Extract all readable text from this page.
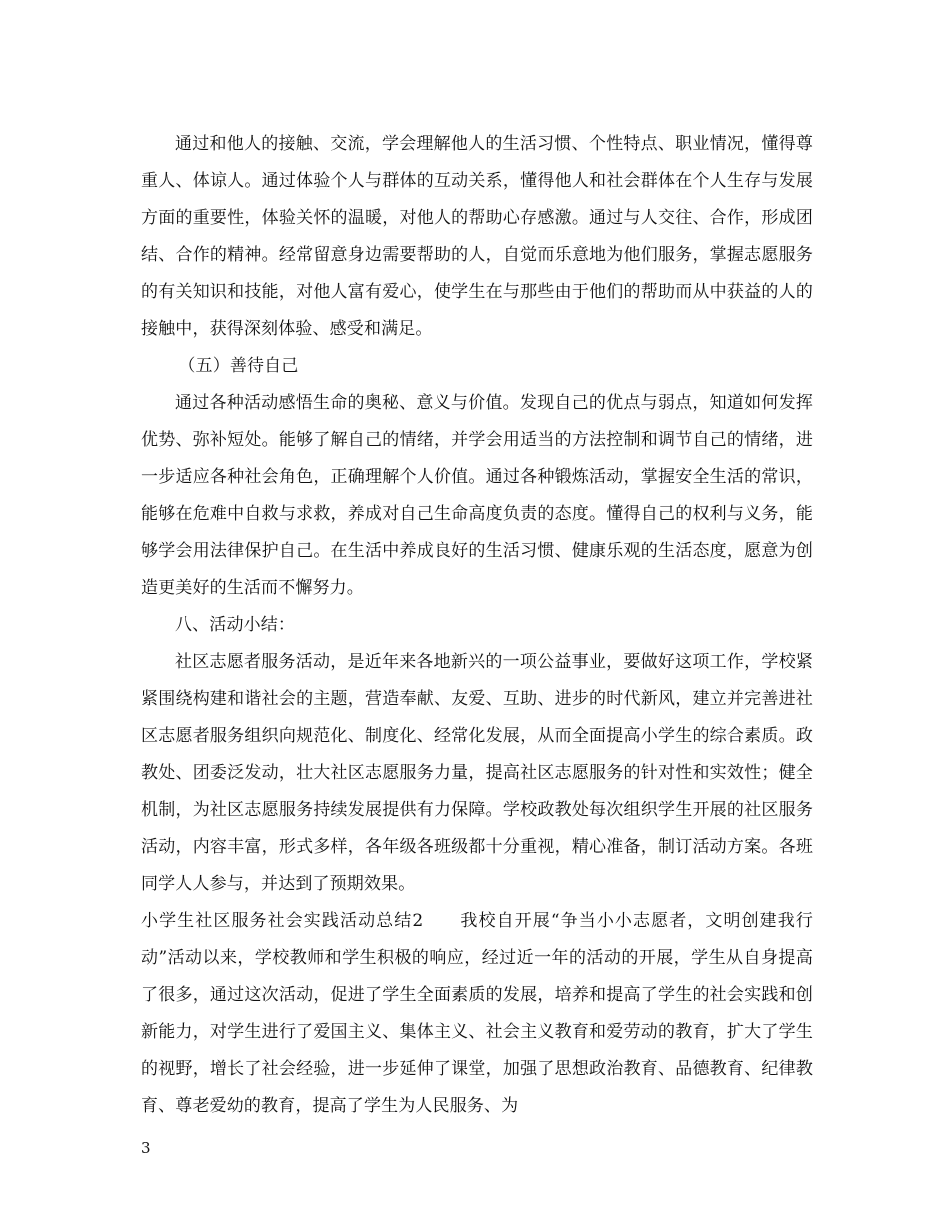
通过和他人的接触、交流，学会理解他人的生活习惯、个性特点、职业情况，懂得尊重人、体谅人。通过体验个人与群体的互动关系，懂得他人和社会群体在个人生存与发展方面的重要性，体验关怀的温暖，对他人的帮助心存感激。通过与人交往、合作，形成团结、合作的精神。经常留意身边需要帮助的人，自觉而乐意地为他们服务，掌握志愿服务的有关知识和技能，对他人富有爱心，使学生在与那些由于他们的帮助而从中获益的人的接触中，获得深刻体验、感受和满足。

（五）善待自己

通过各种活动感悟生命的奥秘、意义与价值。发现自己的优点与弱点，知道如何发挥优势、弥补短处。能够了解自己的情绪，并学会用适当的方法控制和调节自己的情绪，进一步适应各种社会角色，正确理解个人价值。通过各种锻炼活动，掌握安全生活的常识，能够在危难中自救与求救，养成对自己生命高度负责的态度。懂得自己的权利与义务，能够学会用法律保护自己。在生活中养成良好的生活习惯、健康乐观的生活态度，愿意为创造更美好的生活而不懈努力。

八、活动小结：

社区志愿者服务活动，是近年来各地新兴的一项公益事业，要做好这项工作，学校紧紧围绕构建和谐社会的主题，营造奉献、友爱、互助、进步的时代新风，建立并完善进社区志愿者服务组织向规范化、制度化、经常化发展，从而全面提高小学生的综合素质。政教处、团委泛发动，壮大社区志愿服务力量，提高社区志愿服务的针对性和实效性；健全机制，为社区志愿服务持续发展提供有力保障。学校政教处每次组织学生开展的社区服务活动，内容丰富，形式多样，各年级各班级都十分重视，精心准备，制订活动方案。各班同学人人参与，并达到了预期效果。

小学生社区服务社会实践活动总结2　　我校自开展“争当小小志愿者，文明创建我行动”活动以来，学校教师和学生积极的响应，经过近一年的活动的开展，学生从自身提高了很多，通过这次活动，促进了学生全面素质的发展，培养和提高了学生的社会实践和创新能力，对学生进行了爱国主义、集体主义、社会主义教育和爱劳动的教育，扩大了学生的视野，增长了社会经验，进一步延伸了课堂，加强了思想政治教育、品德教育、纪律教育、尊老爱幼的教育，提高了学生为人民服务、为

3
